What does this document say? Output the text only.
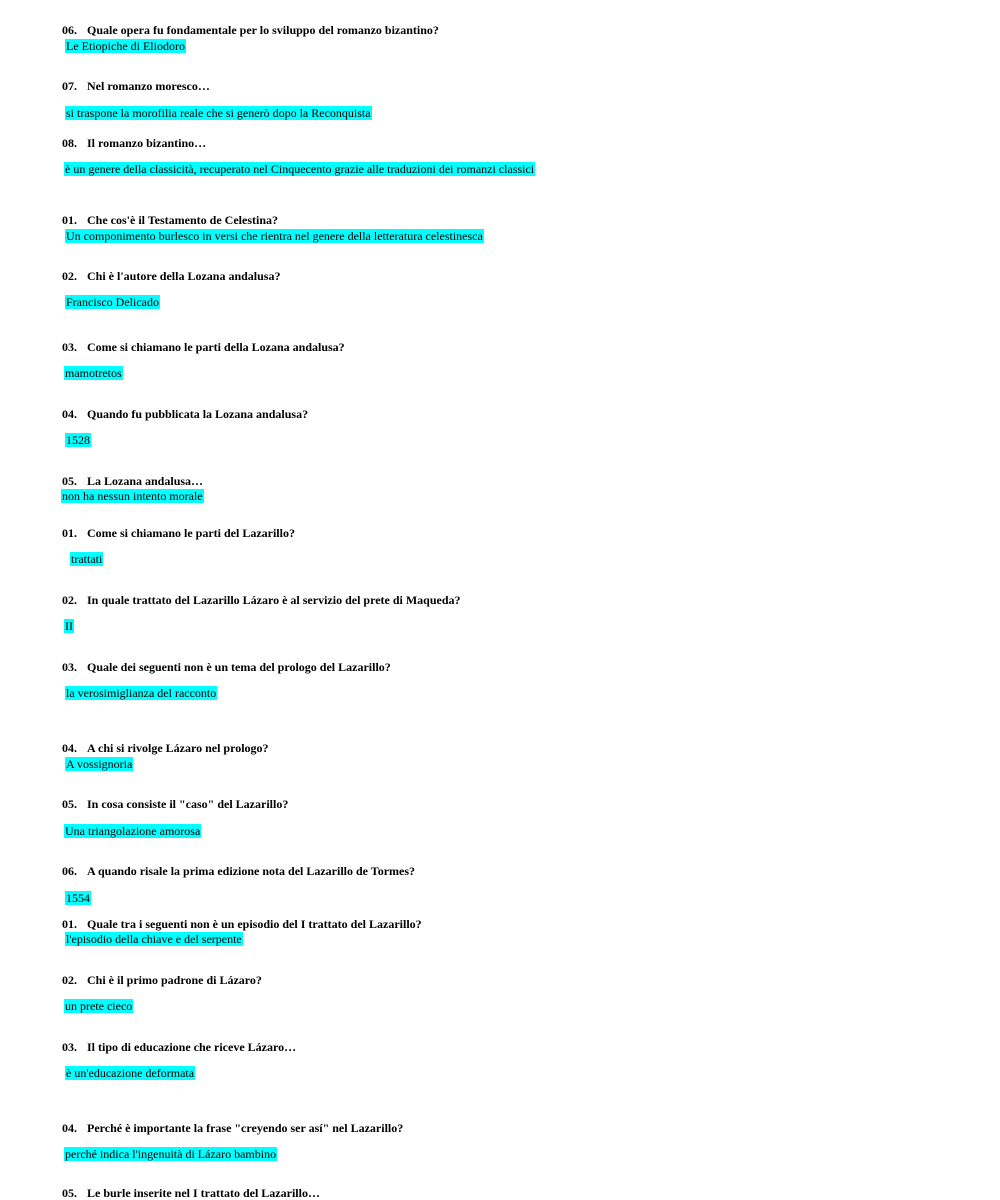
06. Quale opera fu fondamentale per lo sviluppo del romanzo bizantino?
Le Etiopiche di Eliodoro
07. Nel romanzo moresco…
si traspone la morofilia reale che si generò dopo la Reconquista
08. Il romanzo bizantino…
è un genere della classicità, recuperato nel Cinquecento grazie alle traduzioni dei romanzi classici
01. Che cos'è il Testamento de Celestina?
Un componimento burlesco in versi che rientra nel genere della letteratura celestinesca
02. Chi è l'autore della Lozana andalusa?
Francisco Delicado
03. Come si chiamano le parti della Lozana andalusa?
mamotretos
04. Quando fu pubblicata la Lozana andalusa?
1528
05. La Lozana andalusa…
non ha nessun intento morale
01. Come si chiamano le parti del Lazarillo?
trattati
02. In quale trattato del Lazarillo Lázaro è al servizio del prete di Maqueda?
II
03. Quale dei seguenti non è un tema del prologo del Lazarillo?
la verosimiglianza del racconto
04. A chi si rivolge Lázaro nel prologo?
A vossignoria
05. In cosa consiste il "caso" del Lazarillo?
Una triangolazione amorosa
06. A quando risale la prima edizione nota del Lazarillo de Tormes?
1554
01. Quale tra i seguenti non è un episodio del I trattato del Lazarillo?
l'episodio della chiave e del serpente
02. Chi è il primo padrone di Lázaro?
un prete cieco
03. Il tipo di educazione che riceve Lázaro…
è un'educazione deformata
04. Perché è importante la frase "creyendo ser así" nel Lazarillo?
perché indica l'ingenuità di Lázaro bambino
05. Le burle inserite nel I trattato del Lazarillo…
